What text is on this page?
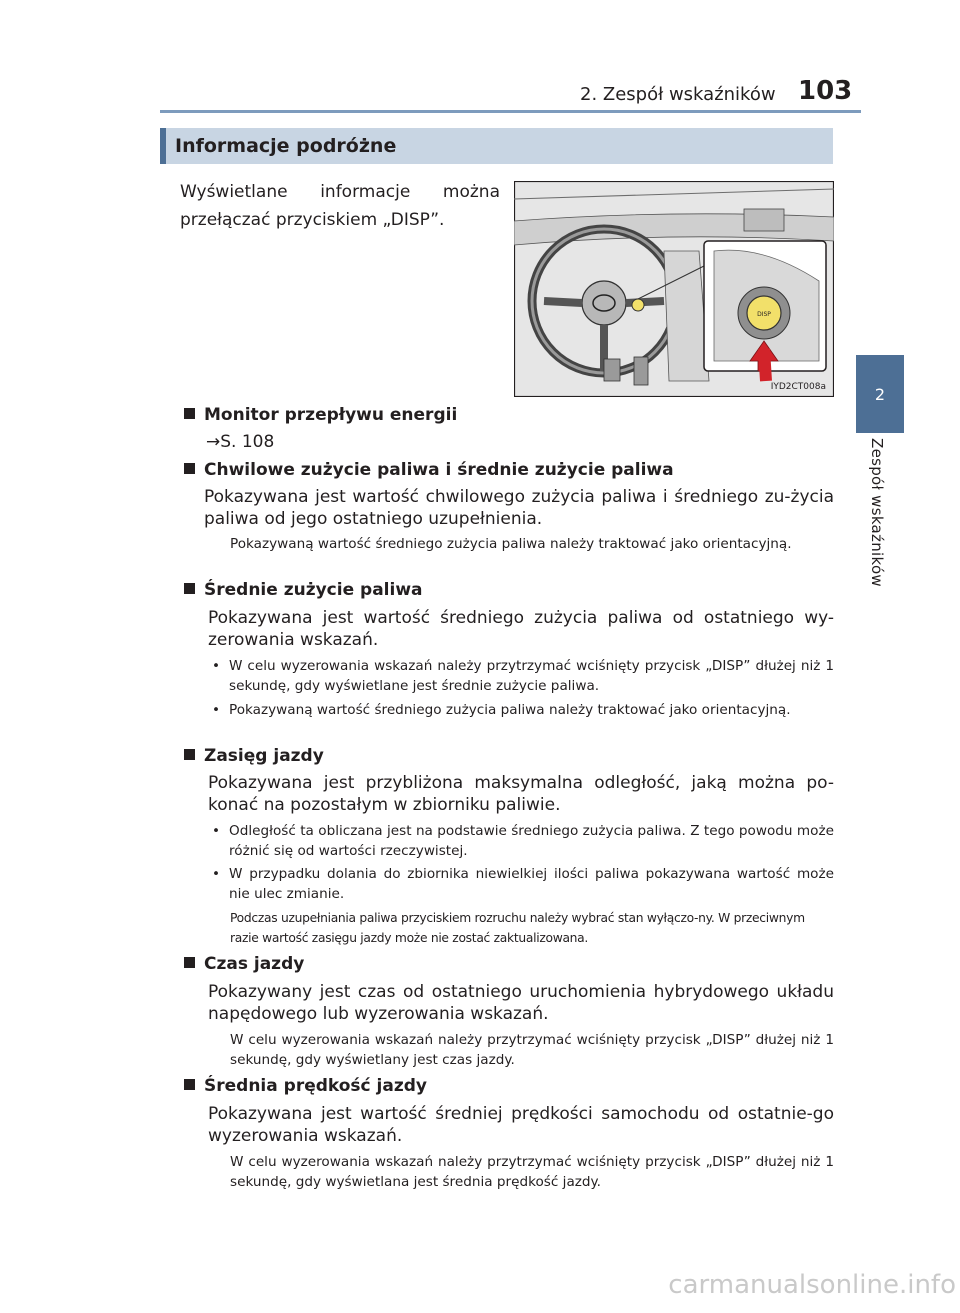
2. Zespół wskaźników 103
2
Zespół wskaźników
Informacje podróżne
Wyświetlane informacje można przełączać przyciskiem „DISP”.
DISP
IYD2CT008a
Monitor przepływu energii
→S. 108
Chwilowe zużycie paliwa i średnie zużycie paliwa
Pokazywana jest wartość chwilowego zużycia paliwa i średniego zu-życia paliwa od jego ostatniego uzupełnienia.
Pokazywaną wartość średniego zużycia paliwa należy traktować jako orientacyjną.
Średnie zużycie paliwa
Pokazywana jest wartość średniego zużycia paliwa od ostatniego wy-zerowania wskazań.
• W celu wyzerowania wskazań należy przytrzymać wciśnięty przycisk „DISP” dłużej niż 1 sekundę, gdy wyświetlane jest średnie zużycie paliwa.
• Pokazywaną wartość średniego zużycia paliwa należy traktować jako orientacyjną.
Zasięg jazdy
Pokazywana jest przybliżona maksymalna odległość, jaką można po-konać na pozostałym w zbiorniku paliwie.
• Odległość ta obliczana jest na podstawie średniego zużycia paliwa. Z tego powodu może różnić się od wartości rzeczywistej.
• W przypadku dolania do zbiornika niewielkiej ilości paliwa pokazywana wartość może nie ulec zmianie.
Podczas uzupełniania paliwa przyciskiem rozruchu należy wybrać stan wyłączo-ny. W przeciwnym razie wartość zasięgu jazdy może nie zostać zaktualizowana.
Czas jazdy
Pokazywany jest czas od ostatniego uruchomienia hybrydowego układu napędowego lub wyzerowania wskazań.
W celu wyzerowania wskazań należy przytrzymać wciśnięty przycisk „DISP” dłużej niż 1 sekundę, gdy wyświetlany jest czas jazdy.
Średnia prędkość jazdy
Pokazywana jest wartość średniej prędkości samochodu od ostatnie-go wyzerowania wskazań.
W celu wyzerowania wskazań należy przytrzymać wciśnięty przycisk „DISP” dłużej niż 1 sekundę, gdy wyświetlana jest średnia prędkość jazdy.
carmanualsonline.info
